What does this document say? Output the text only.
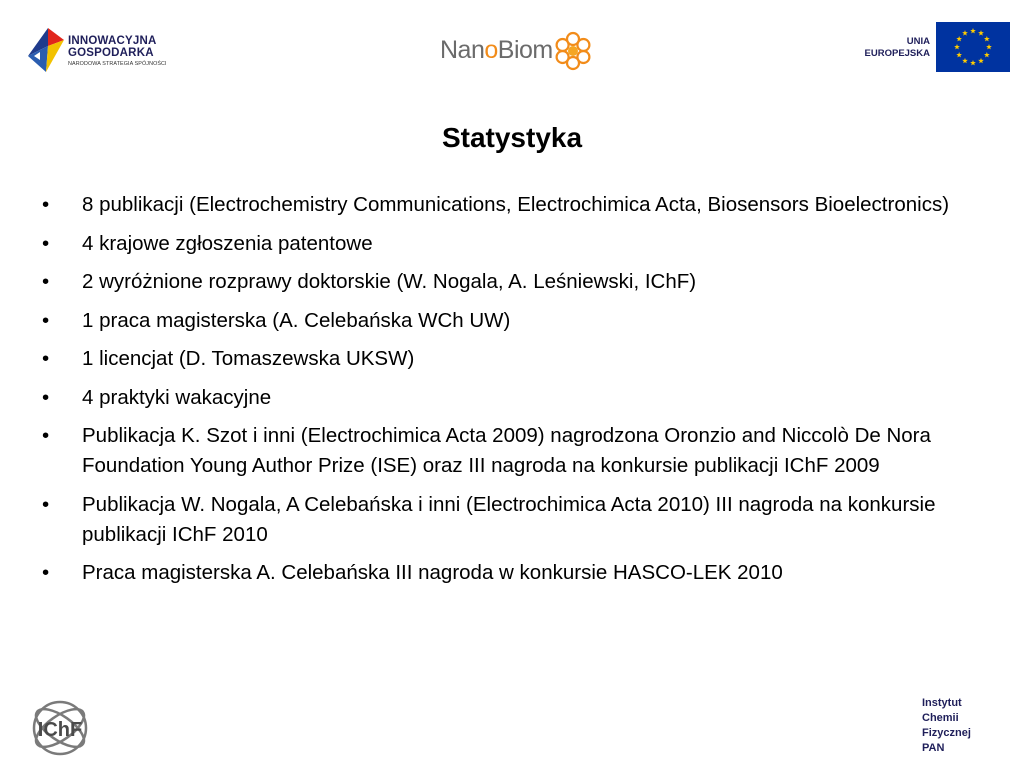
INNOWACYJNA
GOSPODARKA
NARODOWA STRATEGIA SPÓJNOŚCI	NanoBiom	UNIA
EUROPEJSKA
Statystyka
• 8 publikacji (Electrochemistry Communications, Electrochimica Acta, Biosensors Bioelectronics)
• 4 krajowe zgłoszenia patentowe
• 2 wyróżnione rozprawy doktorskie (W. Nogala, A. Leśniewski, IChF)
• 1 praca magisterska (A. Celebańska WCh UW)
• 1 licencjat (D. Tomaszewska UKSW)
• 4 praktyki wakacyjne
• Publikacja K. Szot i inni (Electrochimica Acta 2009) nagrodzona Oronzio and Niccolò De Nora Foundation Young Author Prize (ISE) oraz III nagroda na konkursie publikacji IChF 2009
• Publikacja W. Nogala, A Celebańska i inni (Electrochimica Acta 2010) III nagroda na konkursie publikacji IChF 2010
• Praca magisterska A. Celebańska III nagroda w konkursie HASCO-LEK 2010
IChF
Instytut
Chemii
Fizycznej
PAN
